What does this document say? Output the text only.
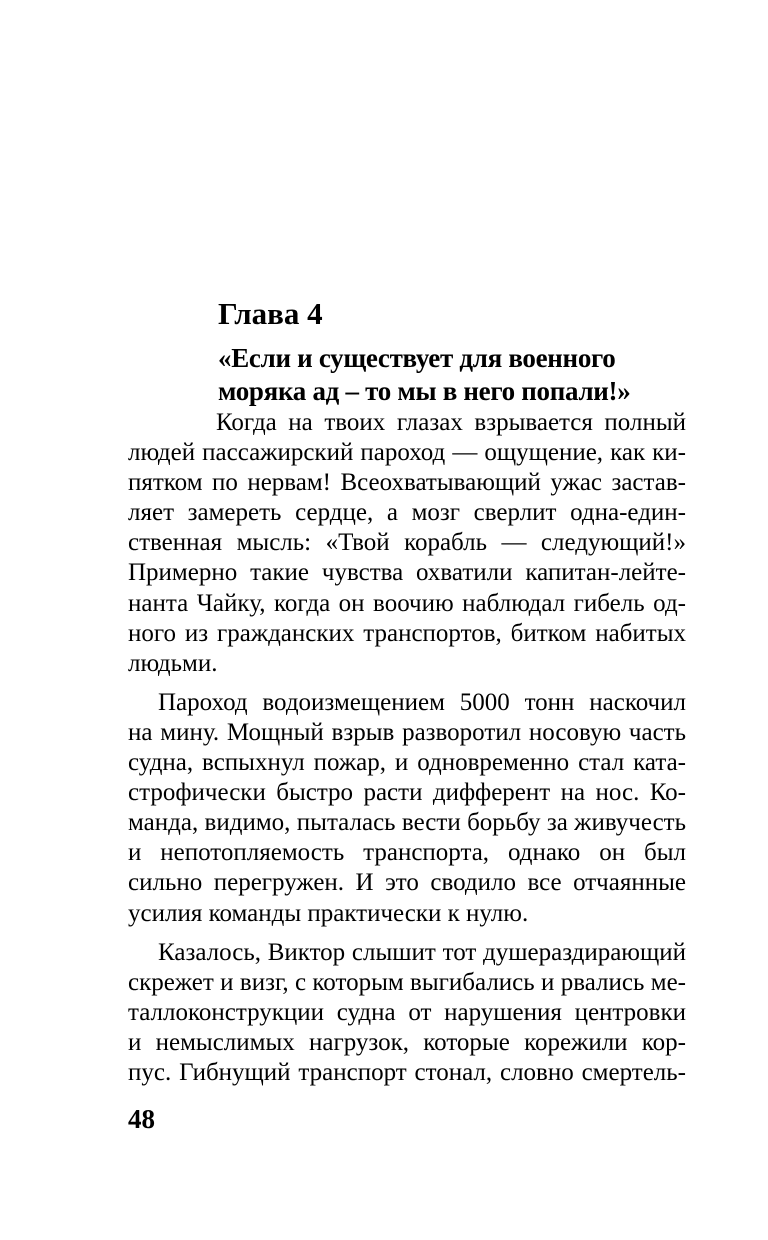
Глава 4
«Если и существует для военного
моряка ад – то мы в него попали!»
Когда на твоих глазах взрывается полный
людей пассажирский пароход — ощущение, как ки-
пятком по нервам! Всеохватывающий ужас застав-
ляет замереть сердце, а мозг сверлит одна-един-
ственная мысль: «Твой корабль — следующий!»
Примерно такие чувства охватили капитан-лейте-
нанта Чайку, когда он воочию наблюдал гибель од-
ного из гражданских транспортов, битком набитых
людьми.
Пароход водоизмещением 5000 тонн наскочил
на мину. Мощный взрыв разворотил носовую часть
судна, вспыхнул пожар, и одновременно стал ката-
строфически быстро расти дифферент на нос. Ко-
манда, видимо, пыталась вести борьбу за живучесть
и непотопляемость транспорта, однако он был
сильно перегружен. И это сводило все отчаянные
усилия команды практически к нулю.
Казалось, Виктор слышит тот душераздирающий
скрежет и визг, с которым выгибались и рвались ме-
таллоконструкции судна от нарушения центровки
и немыслимых нагрузок, которые корежили кор-
пус. Гибнущий транспорт стонал, словно смертель-
48
